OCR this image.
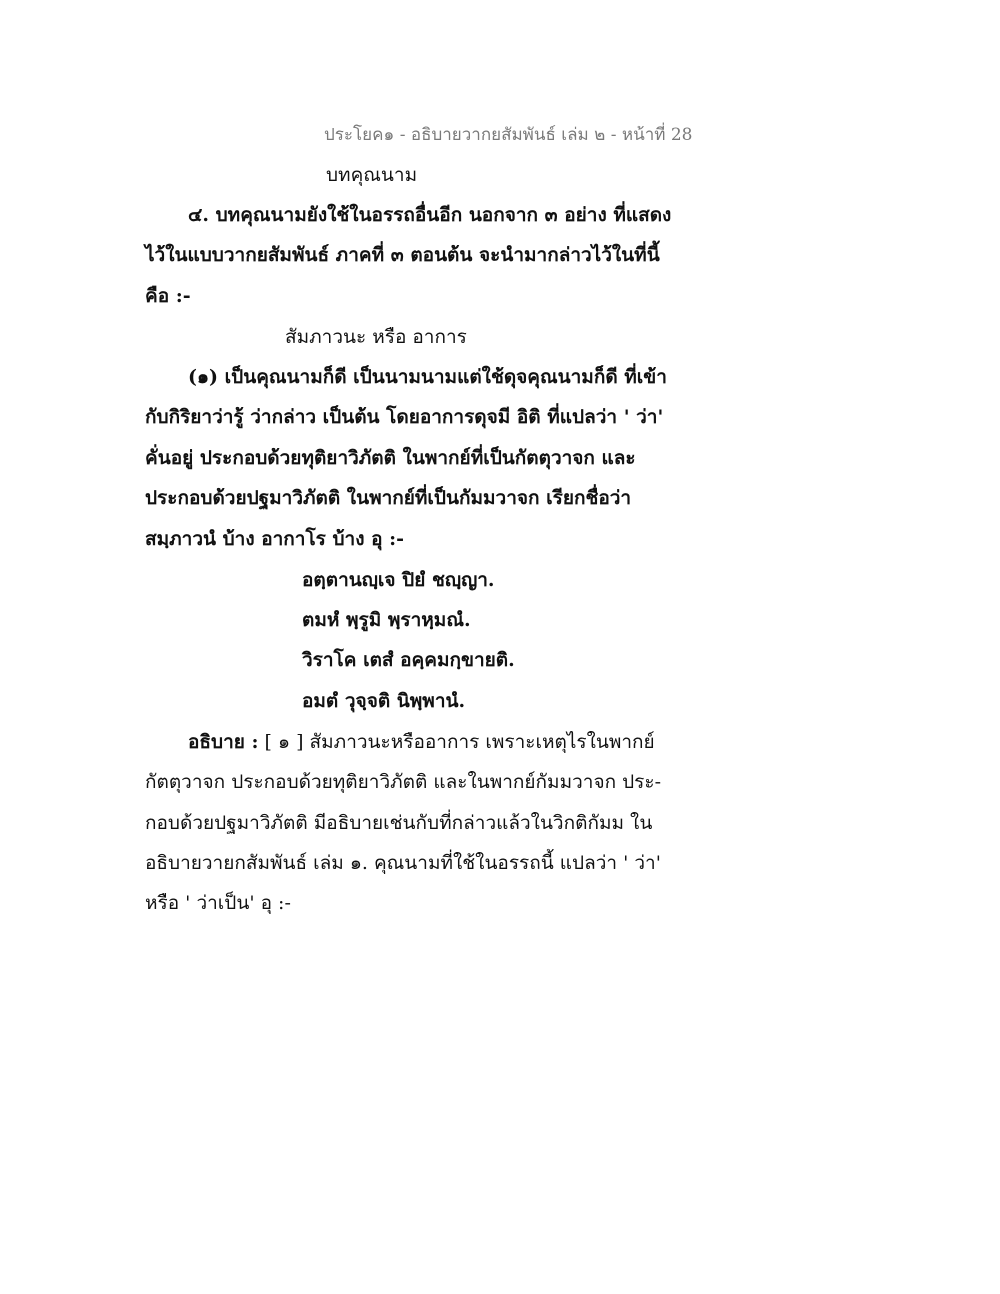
ประโยค๑ - อธิบายวากยสัมพันธ์ เล่ม ๒ - หน้าที่ 28
บทคุณนาม
๔. บทคุณนามยังใช้ในอรรถอื่นอีก นอกจาก ๓ อย่าง ที่แสดง
ไว้ในแบบวากยสัมพันธ์ ภาคที่ ๓ ตอนต้น จะนำมากล่าวไว้ในที่นี้
คือ :-
สัมภาวนะ หรือ อาการ
(๑) เป็นคุณนามก็ดี เป็นนามนามแต่ใช้ดุจคุณนามก็ดี ที่เข้า
กับกิริยาว่ารู้ ว่ากล่าว เป็นต้น โดยอาการดุจมี อิติ ที่แปลว่า ' ว่า'
คั่นอยู่ ประกอบด้วยทุติยาวิภัตติ ในพากย์ที่เป็นกัตตุวาจก และ
ประกอบด้วยปฐมาวิภัตติ ในพากย์ที่เป็นกัมมวาจก เรียกชื่อว่า
สมฺภาวนํ บ้าง อากาโร บ้าง อุ :-
อตฺตานญฺเจ ปิยํ ชญฺญา.
ตมหํ พฺรูมิ พฺราหฺมณํ.
วิราโค เตสํ อคฺคมกฺขายติ.
อมตํ วุจฺจติ นิพฺพานํ.
อธิบาย : [ ๑ ] สัมภาวนะหรืออาการ เพราะเหตุไรในพากย์
กัตตุวาจก ประกอบด้วยทุติยาวิภัตติ และในพากย์กัมมวาจก ประ-
กอบด้วยปฐมาวิภัตติ มีอธิบายเช่นกับที่กล่าวแล้วในวิกติกัมม ใน
อธิบายวายกสัมพันธ์ เล่ม ๑. คุณนามที่ใช้ในอรรถนี้ แปลว่า ' ว่า'
หรือ ' ว่าเป็น' อุ :-
